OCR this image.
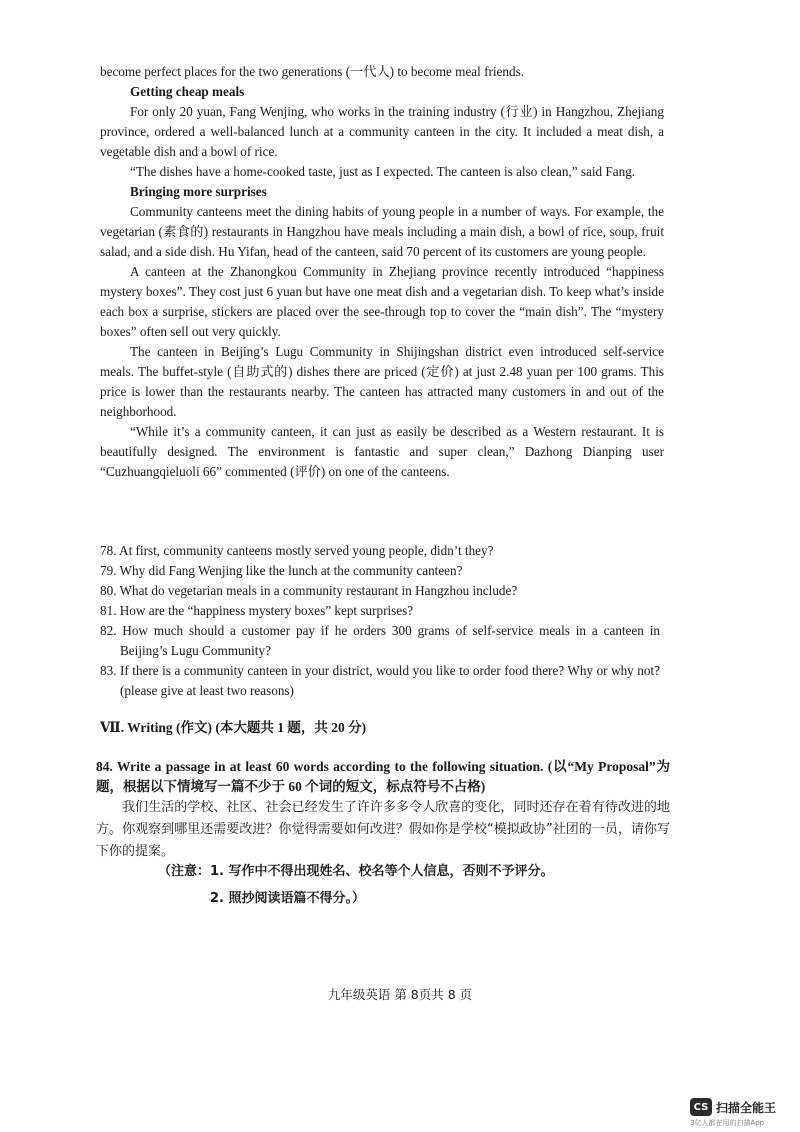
become perfect places for the two generations (一代人) to become meal friends.

Getting cheap meals

For only 20 yuan, Fang Wenjing, who works in the training industry (行业) in Hangzhou, Zhejiang province, ordered a well-balanced lunch at a community canteen in the city. It included a meat dish, a vegetable dish and a bowl of rice.

“The dishes have a home-cooked taste, just as I expected. The canteen is also clean,” said Fang.

Bringing more surprises

Community canteens meet the dining habits of young people in a number of ways. For example, the vegetarian (素食的) restaurants in Hangzhou have meals including a main dish, a bowl of rice, soup, fruit salad, and a side dish. Hu Yifan, head of the canteen, said 70 percent of its customers are young people.

A canteen at the Zhanongkou Community in Zhejiang province recently introduced “happiness mystery boxes”. They cost just 6 yuan but have one meat dish and a vegetarian dish. To keep what’s inside each box a surprise, stickers are placed over the see-through top to cover the “main dish”. The “mystery boxes” often sell out very quickly.

The canteen in Beijing’s Lugu Community in Shijingshan district even introduced self-service meals. The buffet-style (自助式的) dishes there are priced (定价) at just 2.48 yuan per 100 grams. This price is lower than the restaurants nearby. The canteen has attracted many customers in and out of the neighborhood.

“While it’s a community canteen, it can just as easily be described as a Western restaurant. It is beautifully designed. The environment is fantastic and super clean,” Dazhong Dianping user “Cuzhuangqieluoli 66” commented (评价) on one of the canteens.

78. At first, community canteens mostly served young people, didn’t they?

79. Why did Fang Wenjing like the lunch at the community canteen?

80. What do vegetarian meals in a community restaurant in Hangzhou include?

81. How are the “happiness mystery boxes” kept surprises?

82. How much should a customer pay if he orders 300 grams of self-service meals in a canteen in Beijing’s Lugu Community?

83. If there is a community canteen in your district, would you like to order food there? Why or why not? (please give at least two reasons)

Ⅶ. Writing (作文) (本大题共 1 题，共 20 分)

84. Write a passage in at least 60 words according to the following situation. (以“My Proposal”为题，根据以下情境写一篇不少于 60 个词的短文，标点符号不占格)

我们生活的学校、社区、社会已经发生了许许多多令人欣喜的变化，同时还存在着有待改进的地方。你观察到哪里还需要改进？你觉得需要如何改进？假如你是学校“模拟政协”社团的一员，请你写下你的提案。

（注意：1. 写作中不得出现姓名、校名等个人信息，否则不予评分。
2. 照抄阅读语篇不得分。）
九年级英语 第 8页共 8 页
CS 扫描全能王
3亿人都在用的扫描App
